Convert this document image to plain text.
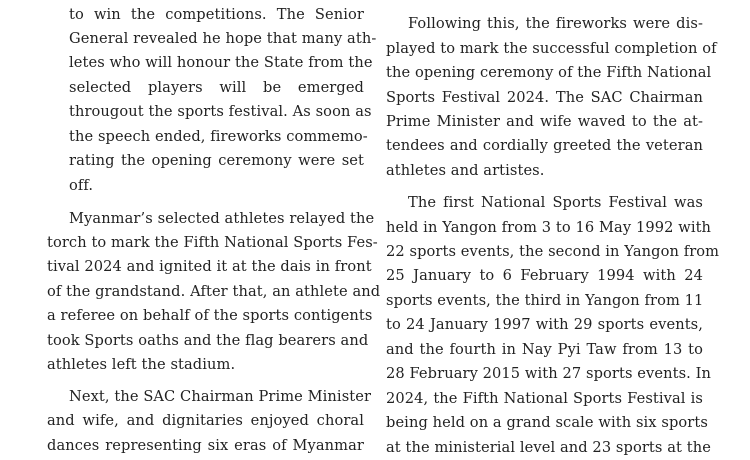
to win the competitions. The Senior
General revealed he hope that many ath-
letes who will honour the State from the
selected players will be emerged
througout the sports festival. As soon as
the speech ended, fireworks commemo-
rating the opening ceremony were set
off.
Myanmar’s selected athletes relayed the
torch to mark the Fifth National Sports Fes-
tival 2024 and ignited it at the dais in front
of the grandstand. After that, an athlete and
a referee on behalf of the sports contigents
took Sports oaths and the flag bearers and
athletes left the stadium.
Next, the SAC Chairman Prime Minister
and wife, and dignitaries enjoyed choral
dances representing six eras of Myanmar
Following this, the fireworks were dis-
played to mark the successful completion of
the opening ceremony of the Fifth National
Sports Festival 2024. The SAC Chairman
Prime Minister and wife waved to the at-
tendees and cordially greeted the veteran
athletes and artistes.
The first National Sports Festival was
held in Yangon from 3 to 16 May 1992 with
22 sports events, the second in Yangon from
25 January to 6 February 1994 with 24
sports events, the third in Yangon from 11
to 24 January 1997 with 29 sports events,
and the fourth in Nay Pyi Taw from 13 to
28 February 2015 with 27 sports events. In
2024, the Fifth National Sports Festival is
being held on a grand scale with six sports
at the ministerial level and 23 sports at the
